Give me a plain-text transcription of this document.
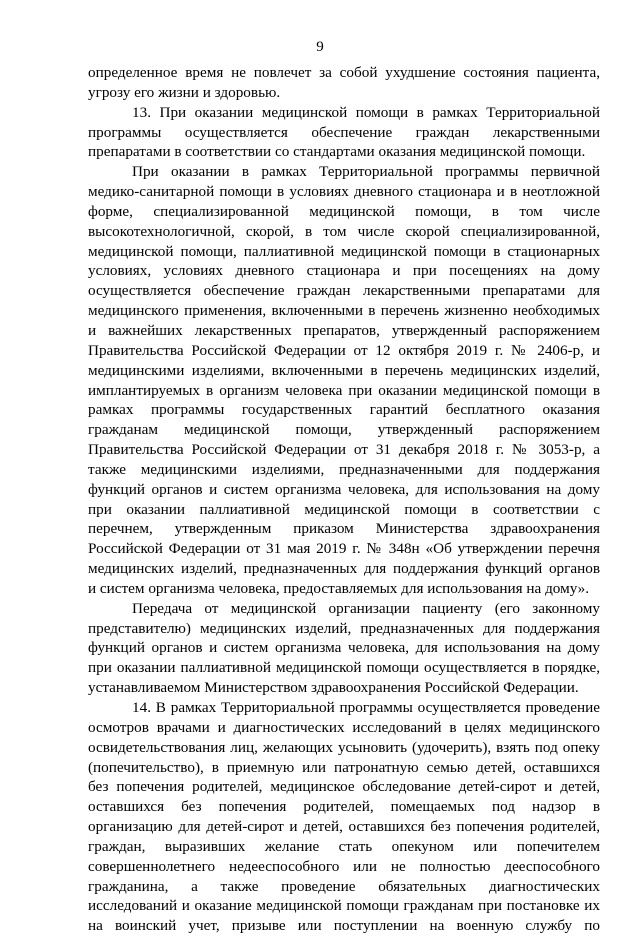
9
определенное время не повлечет за собой ухудшение состояния пациента,
угрозу его жизни и здоровью.
13. При оказании медицинской помощи в рамках Территориальной
программы осуществляется обеспечение граждан лекарственными
препаратами в соответствии со стандартами оказания медицинской помощи.
При оказании в рамках Территориальной программы первичной
медико-санитарной помощи в условиях дневного стационара и в неотложной
форме, специализированной медицинской помощи, в том числе
высокотехнологичной, скорой, в том числе скорой специализированной,
медицинской помощи, паллиативной медицинской помощи в стационарных
условиях, условиях дневного стационара и при посещениях на дому
осуществляется обеспечение граждан лекарственными препаратами для
медицинского применения, включенными в перечень жизненно необходимых
и важнейших лекарственных препаратов, утвержденный распоряжением
Правительства Российской Федерации от 12 октября 2019 г. № 2406-р, и
медицинскими изделиями, включенными в перечень медицинских изделий,
имплантируемых в организм человека при оказании медицинской помощи в
рамках программы государственных гарантий бесплатного оказания
гражданам медицинской помощи, утвержденный распоряжением
Правительства Российской Федерации от 31 декабря 2018 г. № 3053-р, а
также медицинскими изделиями, предназначенными для поддержания
функций органов и систем организма человека, для использования на дому
при оказании паллиативной медицинской помощи в соответствии с
перечнем, утвержденным приказом Министерства здравоохранения
Российской Федерации от 31 мая 2019 г. № 348н «Об утверждении перечня
медицинских изделий, предназначенных для поддержания функций органов
и систем организма человека, предоставляемых для использования на дому».
Передача от медицинской организации пациенту (его законному
представителю) медицинских изделий, предназначенных для поддержания
функций органов и систем организма человека, для использования на дому
при оказании паллиативной медицинской помощи осуществляется в порядке,
устанавливаемом Министерством здравоохранения Российской Федерации.
14. В рамках Территориальной программы осуществляется проведение
осмотров врачами и диагностических исследований в целях медицинского
освидетельствования лиц, желающих усыновить (удочерить), взять под опеку
(попечительство), в приемную или патронатную семью детей, оставшихся
без попечения родителей, медицинское обследование детей-сирот и детей,
оставшихся без попечения родителей, помещаемых под надзор в
организацию для детей-сирот и детей, оставшихся без попечения родителей,
граждан, выразивших желание стать опекуном или попечителем
совершеннолетнего недееспособного или не полностью дееспособного
гражданина, а также проведение обязательных диагностических
исследований и оказание медицинской помощи гражданам при постановке их
на воинский учет, призыве или поступлении на военную службу по
